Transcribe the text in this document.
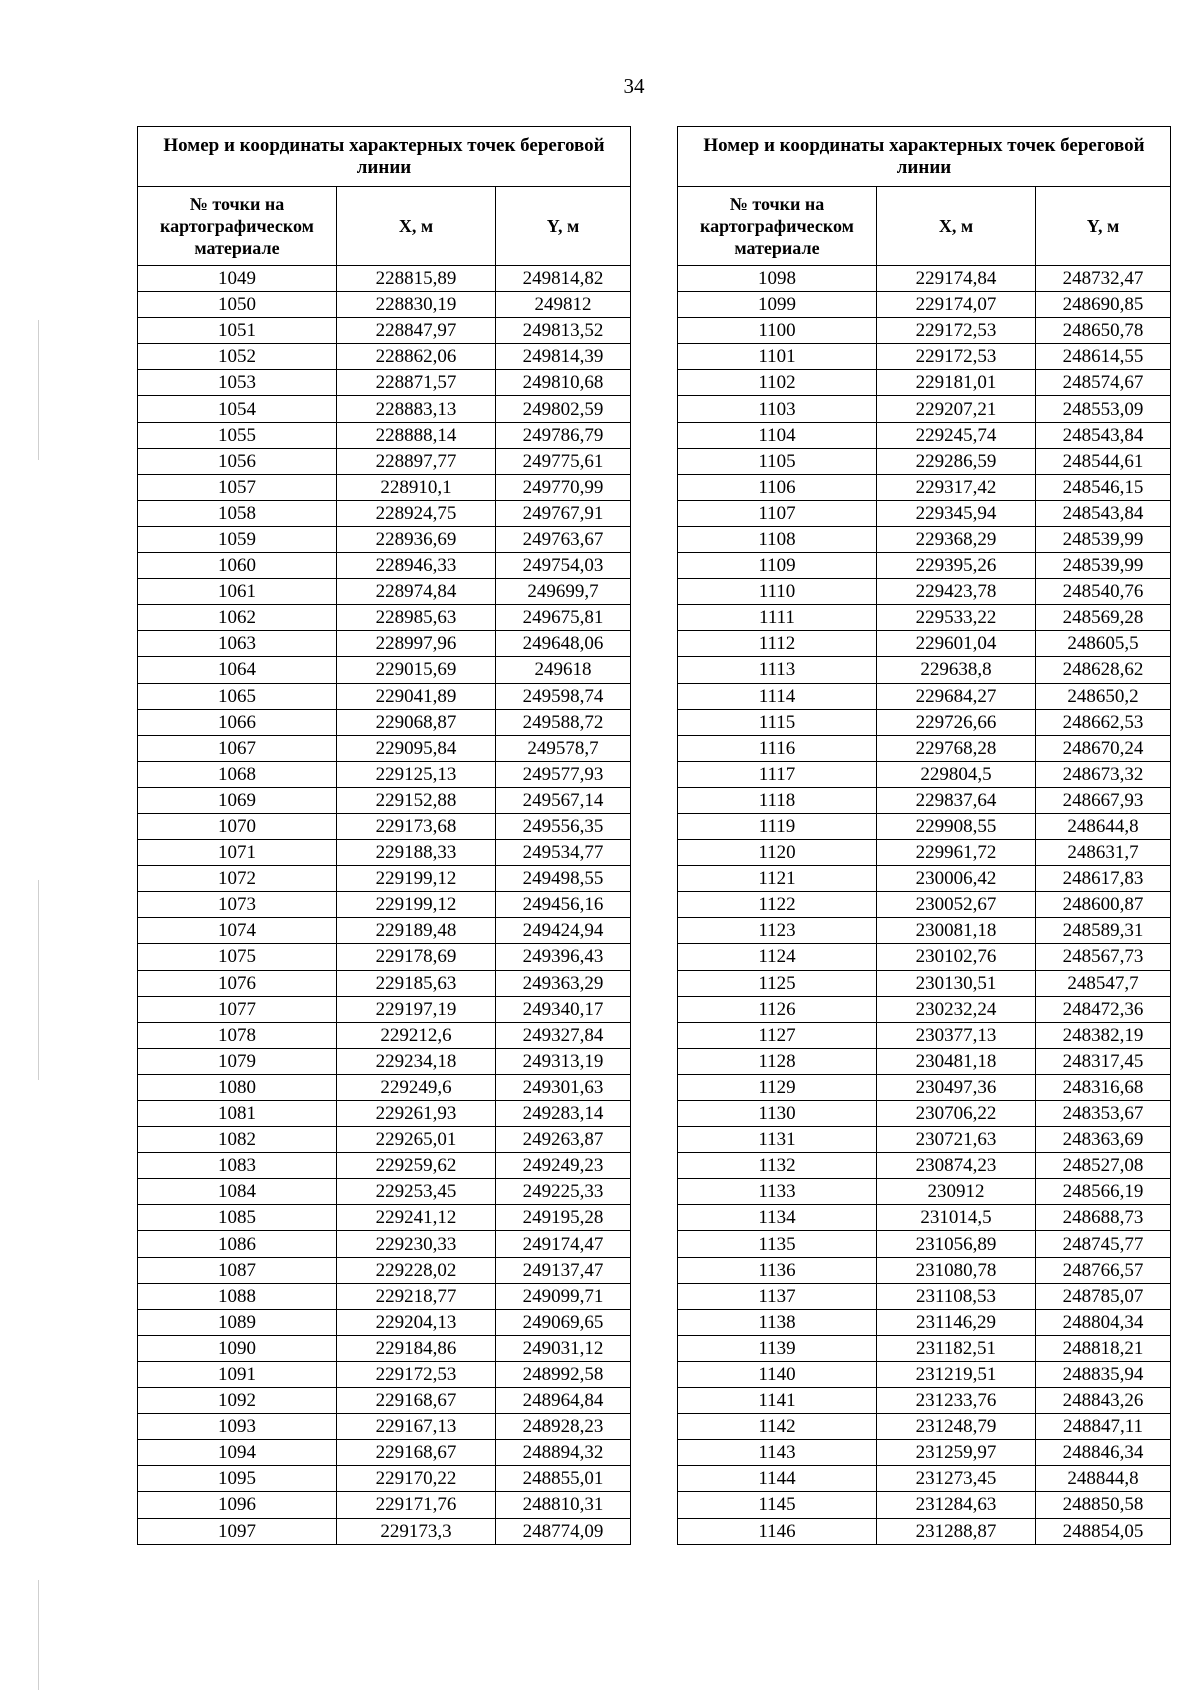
34
Номер и координаты характерных точек береговой линии		
№ точки на картографическом материале	X, м	Y, м
1049	228815,89	249814,82
1050	228830,19	249812
1051	228847,97	249813,52
1052	228862,06	249814,39
1053	228871,57	249810,68
1054	228883,13	249802,59
1055	228888,14	249786,79
1056	228897,77	249775,61
1057	228910,1	249770,99
1058	228924,75	249767,91
1059	228936,69	249763,67
1060	228946,33	249754,03
1061	228974,84	249699,7
1062	228985,63	249675,81
1063	228997,96	249648,06
1064	229015,69	249618
1065	229041,89	249598,74
1066	229068,87	249588,72
1067	229095,84	249578,7
1068	229125,13	249577,93
1069	229152,88	249567,14
1070	229173,68	249556,35
1071	229188,33	249534,77
1072	229199,12	249498,55
1073	229199,12	249456,16
1074	229189,48	249424,94
1075	229178,69	249396,43
1076	229185,63	249363,29
1077	229197,19	249340,17
1078	229212,6	249327,84
1079	229234,18	249313,19
1080	229249,6	249301,63
1081	229261,93	249283,14
1082	229265,01	249263,87
1083	229259,62	249249,23
1084	229253,45	249225,33
1085	229241,12	249195,28
1086	229230,33	249174,47
1087	229228,02	249137,47
1088	229218,77	249099,71
1089	229204,13	249069,65
1090	229184,86	249031,12
1091	229172,53	248992,58
1092	229168,67	248964,84
1093	229167,13	248928,23
1094	229168,67	248894,32
1095	229170,22	248855,01
1096	229171,76	248810,31
1097	229173,3	248774,09
Номер и координаты характерных точек береговой линии		
№ точки на картографическом материале	X, м	Y, м
1098	229174,84	248732,47
1099	229174,07	248690,85
1100	229172,53	248650,78
1101	229172,53	248614,55
1102	229181,01	248574,67
1103	229207,21	248553,09
1104	229245,74	248543,84
1105	229286,59	248544,61
1106	229317,42	248546,15
1107	229345,94	248543,84
1108	229368,29	248539,99
1109	229395,26	248539,99
1110	229423,78	248540,76
1111	229533,22	248569,28
1112	229601,04	248605,5
1113	229638,8	248628,62
1114	229684,27	248650,2
1115	229726,66	248662,53
1116	229768,28	248670,24
1117	229804,5	248673,32
1118	229837,64	248667,93
1119	229908,55	248644,8
1120	229961,72	248631,7
1121	230006,42	248617,83
1122	230052,67	248600,87
1123	230081,18	248589,31
1124	230102,76	248567,73
1125	230130,51	248547,7
1126	230232,24	248472,36
1127	230377,13	248382,19
1128	230481,18	248317,45
1129	230497,36	248316,68
1130	230706,22	248353,67
1131	230721,63	248363,69
1132	230874,23	248527,08
1133	230912	248566,19
1134	231014,5	248688,73
1135	231056,89	248745,77
1136	231080,78	248766,57
1137	231108,53	248785,07
1138	231146,29	248804,34
1139	231182,51	248818,21
1140	231219,51	248835,94
1141	231233,76	248843,26
1142	231248,79	248847,11
1143	231259,97	248846,34
1144	231273,45	248844,8
1145	231284,63	248850,58
1146	231288,87	248854,05
